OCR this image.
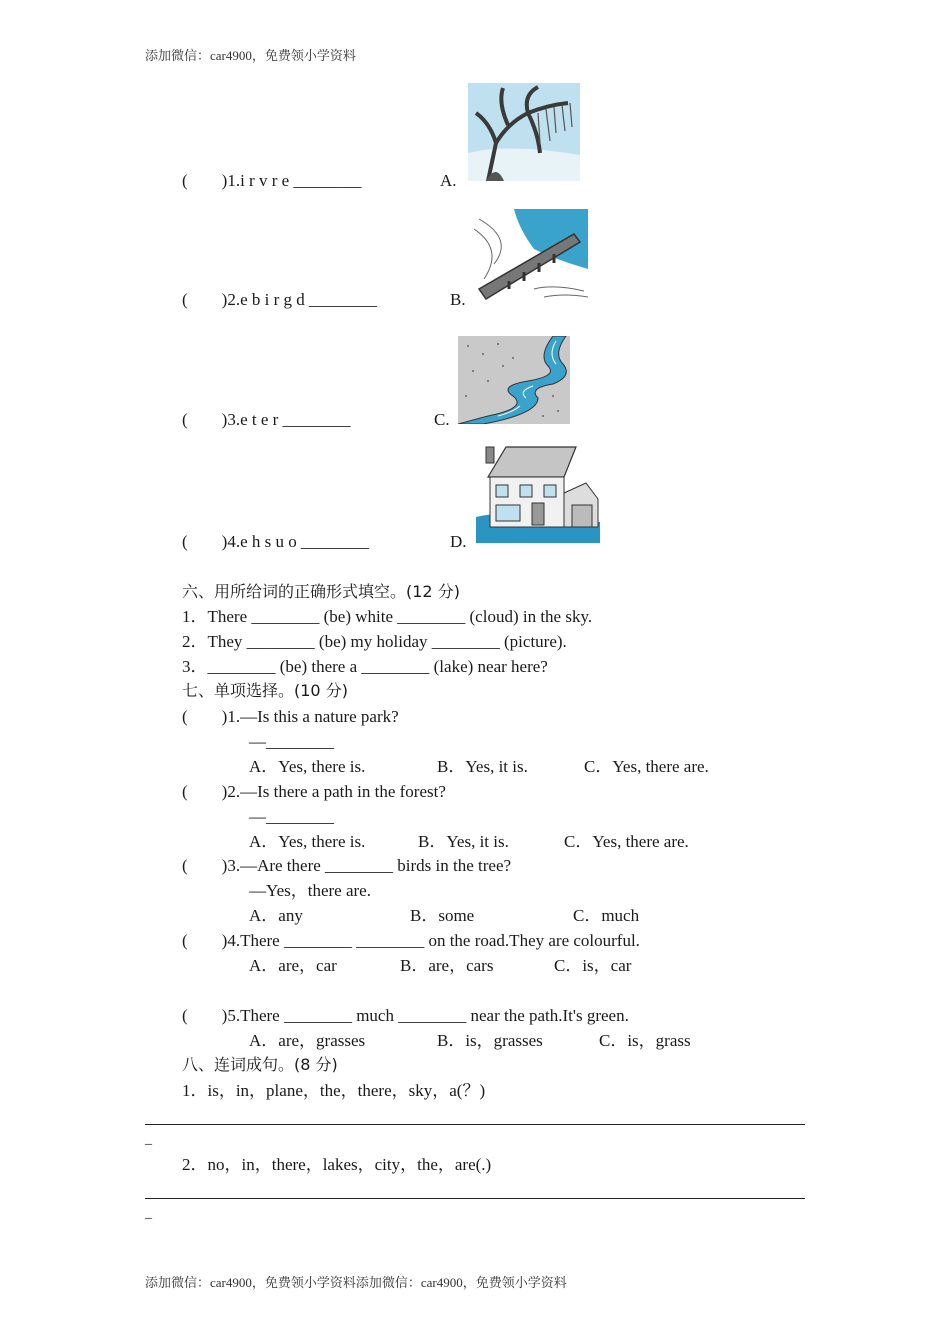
添加微信：car4900，免费领小学资料
(　　)1.i r v r e ________	A.
(　　)2.e b i r g d ________	B.
(　　)3.e t e r ________	C.
(　　)4.e h s u o ________	D.
六、用所给词的正确形式填空。(12 分)
1．There ________ (be) white ________ (cloud) in the sky.
2．They ________ (be) my holiday ________ (picture).
3．________ (be) there a ________ (lake) near here?
七、单项选择。(10 分)
(　　)1.—Is this a nature park?
—________
A．Yes, there is.	B．Yes, it is.	C．Yes, there are.
(　　)2.—Is there a path in the forest?
—________
A．Yes, there is.	B．Yes, it is.	C．Yes, there are.
(　　)3.—Are there ________ birds in the tree?
—Yes，there are.
A．any	B．some	C．much
(　　)4.There ________ ________ on the road.They are colourful.
A．are，car	B．are，cars	C．is，car
(　　)5.There ________ much ________ near the path.It's green.
A．are，grasses	B．is，grasses	C．is，grass
八、连词成句。(8 分)
1．is，in，plane，the，there，sky，a(？)
_
2．no，in，there，lakes，city，the，are(.)
_
添加微信：car4900，免费领小学资料添加微信：car4900，免费领小学资料
